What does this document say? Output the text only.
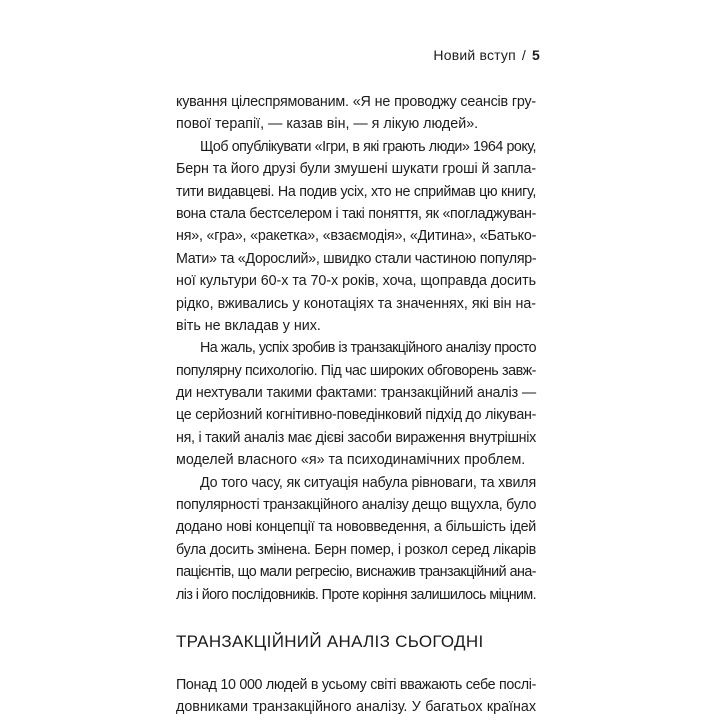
Новий вступ / 5
кування цілеспрямованим. «Я не проводжу сеансів гру-
пової терапії, — казав він, — я лікую людей».
Щоб опублікувати «Ігри, в які грають люди» 1964 року,
Берн та його друзі були змушені шукати гроші й запла-
тити видавцеві. На подив усіх, хто не сприймав цю книгу,
вона стала бестселером і такі поняття, як «погладжуван-
ня», «гра», «ракетка», «взаємодія», «Дитина», «Батько-
Мати» та «Дорослий», швидко стали частиною популяр-
ної культури 60-х та 70-х років, хоча, щоправда досить
рідко, вживались у конотаціях та значеннях, які він на-
віть не вкладав у них.
На жаль, успіх зробив із транзакційного аналізу просто
популярну психологію. Під час широких обговорень завж-
ди нехтували такими фактами: транзакційний аналіз —
це серйозний когнітивно-поведінковий підхід до лікуван-
ня, і такий аналіз має дієві засоби вираження внутрішніх
моделей власного «я» та психодинамічних проблем.
До того часу, як ситуація набула рівноваги, та хвиля
популярності транзакційного аналізу дещо вщухла, було
додано нові концепції та нововведення, а більшість ідей
була досить змінена. Берн помер, і розкол серед лікарів
пацієнтів, що мали регресію, виснажив транзакційний ана-
ліз і його послідовників. Проте коріння залишилось міцним.
ТРАНЗАКЦІЙНИЙ АНАЛІЗ СЬОГОДНІ
Понад 10 000 людей в усьому світі вважають себе послі-
довниками транзакційного аналізу. У багатьох країнах
